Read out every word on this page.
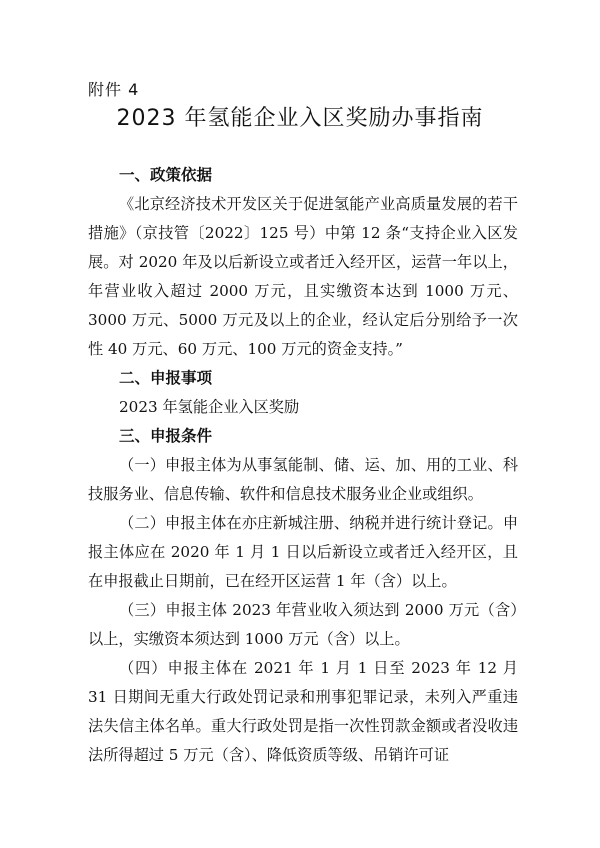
附件 4
2023 年氢能企业入区奖励办事指南

一、政策依据

《北京经济技术开发区关于促进氢能产业高质量发展的若干措施》（京技管〔2022〕125 号）中第 12 条“支持企业入区发展。对 2020 年及以后新设立或者迁入经开区，运营一年以上，年营业收入超过 2000 万元，且实缴资本达到 1000 万元、3000 万元、5000 万元及以上的企业，经认定后分别给予一次性 40 万元、60 万元、100 万元的资金支持。”

二、申报事项

2023 年氢能企业入区奖励

三、申报条件

（一）申报主体为从事氢能制、储、运、加、用的工业、科技服务业、信息传输、软件和信息技术服务业企业或组织。

（二）申报主体在亦庄新城注册、纳税并进行统计登记。申报主体应在 2020 年 1 月 1 日以后新设立或者迁入经开区，且在申报截止日期前，已在经开区运营 1 年（含）以上。

（三）申报主体 2023 年营业收入须达到 2000 万元（含）以上，实缴资本须达到 1000 万元（含）以上。

（四）申报主体在 2021 年 1 月 1 日至 2023 年 12 月 31 日期间无重大行政处罚记录和刑事犯罪记录，未列入严重违法失信主体名单。重大行政处罚是指一次性罚款金额或者没收违法所得超过 5 万元（含）、降低资质等级、吊销许可证
